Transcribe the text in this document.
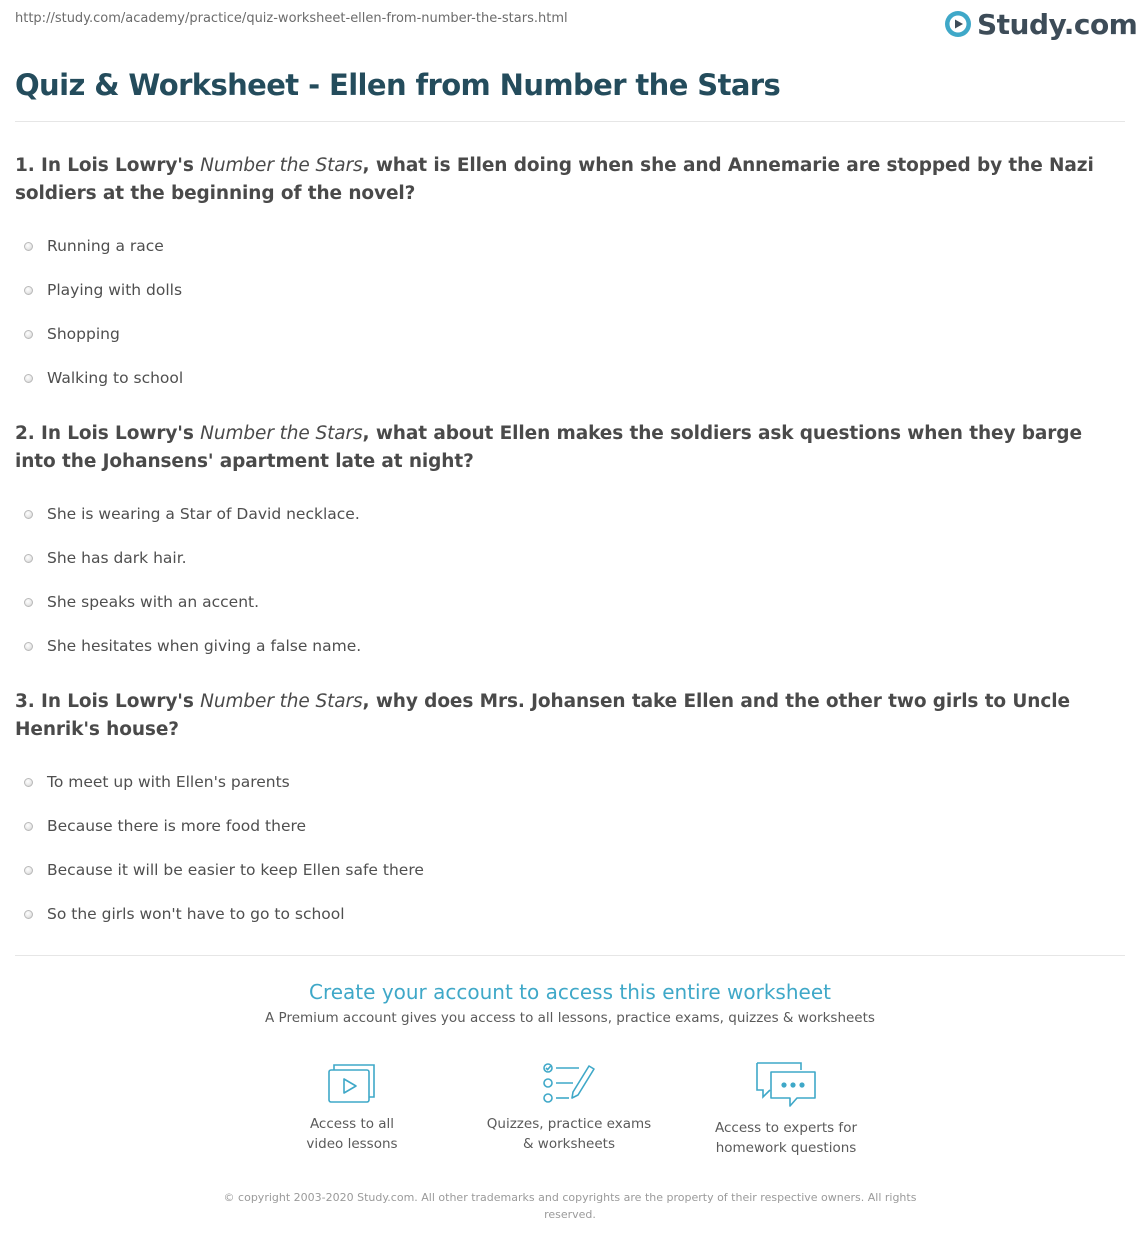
http://study.com/academy/practice/quiz-worksheet-ellen-from-number-the-stars.html	Study.com
Quiz & Worksheet - Ellen from Number the Stars

1. In Lois Lowry's Number the Stars, what is Ellen doing when she and Annemarie are stopped by the Nazi soldiers at the beginning of the novel?

Running a race
Playing with dolls
Shopping
Walking to school

2. In Lois Lowry's Number the Stars, what about Ellen makes the soldiers ask questions when they barge into the Johansens' apartment late at night?

She is wearing a Star of David necklace.
She has dark hair.
She speaks with an accent.
She hesitates when giving a false name.

3. In Lois Lowry's Number the Stars, why does Mrs. Johansen take Ellen and the other two girls to Uncle Henrik's house?

To meet up with Ellen's parents
Because there is more food there
Because it will be easier to keep Ellen safe there
So the girls won't have to go to school
Create your account to access this entire worksheet
A Premium account gives you access to all lessons, practice exams, quizzes & worksheets
Access to all
video lessons
Quizzes, practice exams
& worksheets
Access to experts for
homework questions
© copyright 2003-2020 Study.com. All other trademarks and copyrights are the property of their respective owners. All rights reserved.
